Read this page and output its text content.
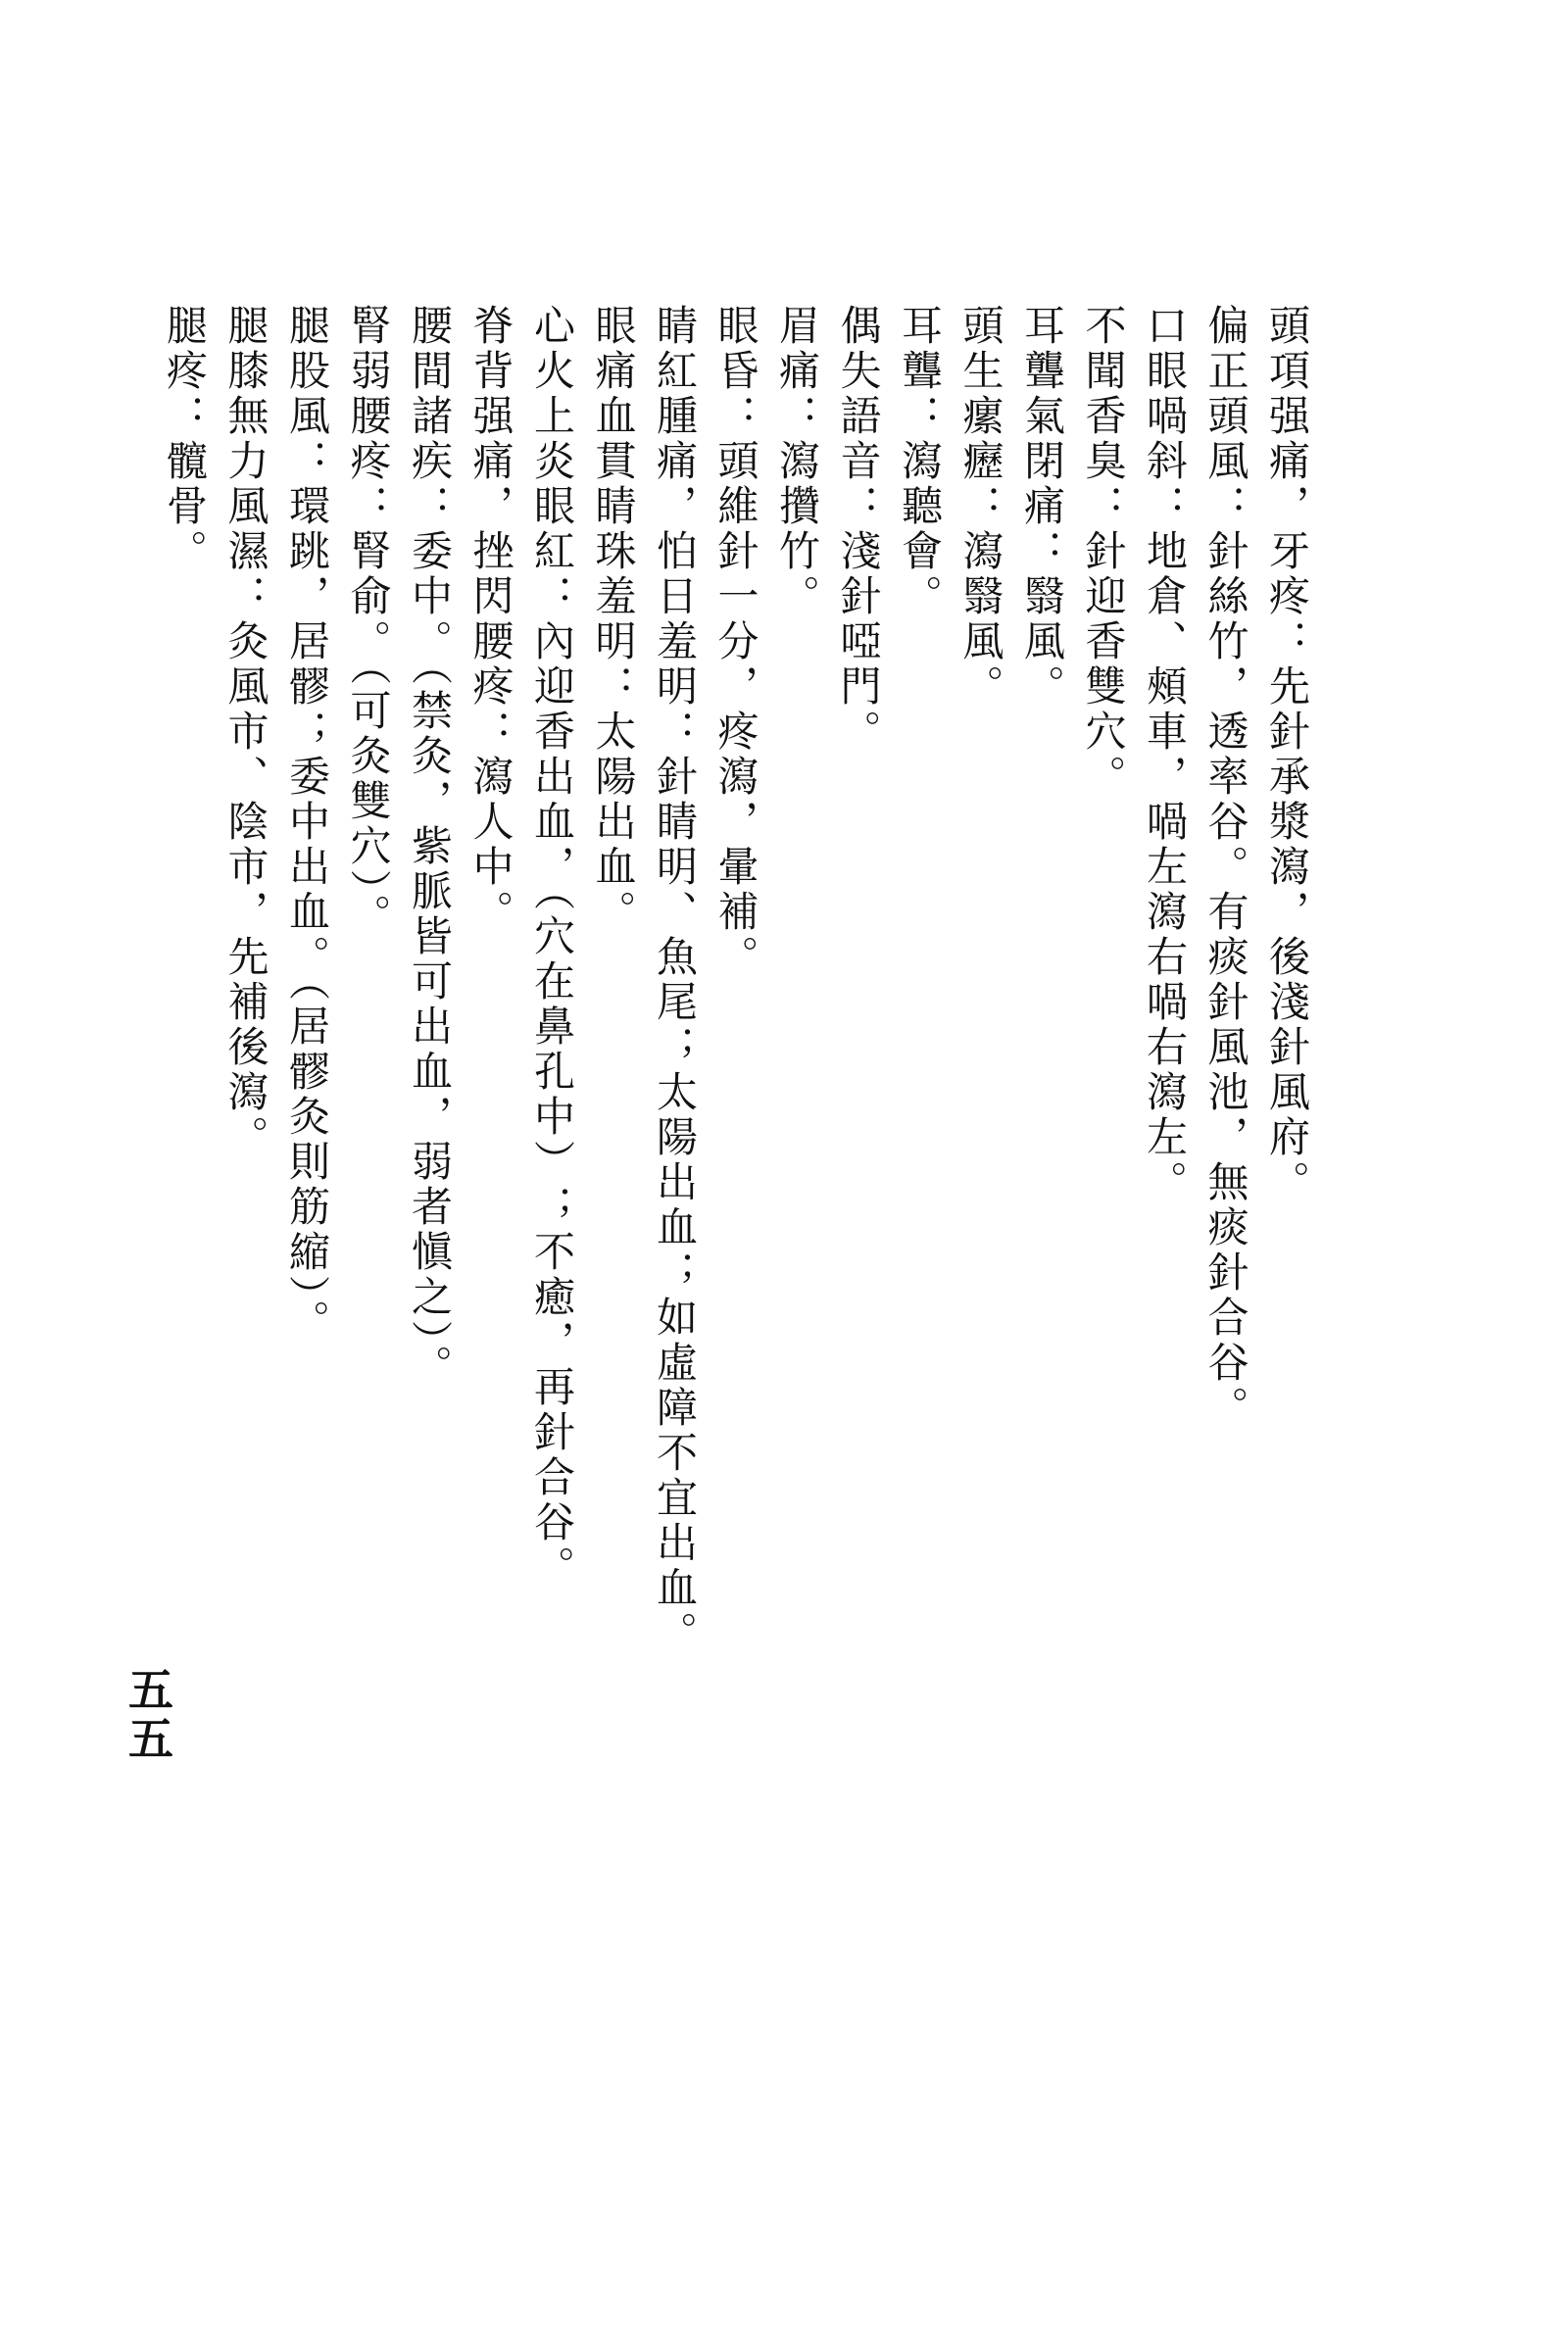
頭項强痛，牙疼：先針承漿瀉，後淺針風府。
偏正頭風：針絲竹，透率谷。有痰針風池，無痰針合谷。
口眼喎斜：地倉、頰車，喎左瀉右喎右瀉左。
不聞香臭：針迎香雙穴。
耳聾氣閉痛：翳風。
頭生瘰癧：瀉翳風。
耳聾：瀉聽會。
偶失語音：淺針啞門。
眉痛：瀉攢竹。
眼昏：頭維針一分，疼瀉，暈補。
睛紅腫痛，怕日羞明：針睛明、魚尾；太陽出血；如虛障不宜出血。
眼痛血貫睛珠羞明：太陽出血。
心火上炎眼紅：內迎香出血，（穴在鼻孔中）；不癒，再針合谷。
脊背强痛，挫閃腰疼：瀉人中。
腰間諸疾：委中。（禁灸，紫脈皆可出血，弱者愼之）。
腎弱腰疼：腎俞。（可灸雙穴）。
腿股風：環跳，居髎；委中出血。（居髎灸則筋縮）。
腿膝無力風濕：灸風市、陰市，先補後瀉。
腿疼：髖骨。
五五
